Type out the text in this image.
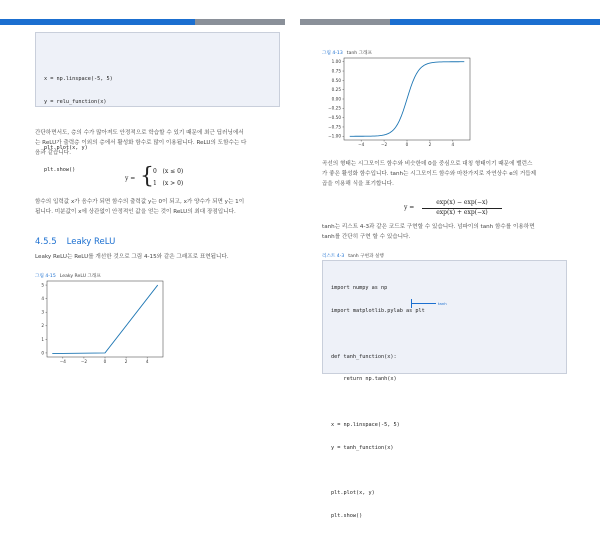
x = np.linspace(-5, 5)

y = relu_function(x)

plt.plot(x, y)

plt.show()

간단하면서도, 층의 수가 많아져도 안정적으로 학습할 수 있기 때문에 최근 딥러닝에서

는 ReLU가 출력층 이외의 층에서 활성화 함수로 많이 이용됩니다. ReLU의 도함수는 다

음과 같습니다.

y = { 0   (x ≤ 0)
1   (x > 0)

함수의 입력값 x가 음수가 되면 함수의 출력값 y는 0이 되고, x가 양수가 되면 y는 1이

됩니다. 미분값이 x에 상관없이 안정적인 값을 얻는 것이 ReLU의 최대 장점입니다.

4.5.5 Leaky ReLU

Leaky ReLU는 ReLU를 개선한 것으로 그림 4-15와 같은 그래프로 표현됩니다.

그림 4-15 Leaky ReLU 그래프
−4	−2	0	2	4
0
1
2
3
4
5
그림 4-13 tanh 그래프
−4	−2	0	2	4
1.00
0.75
0.50
0.25
0.00
−0.25
−0.50
−0.75
−1.00

곡선의 형태는 시그모이드 함수와 비슷한데 0을 중심으로 대칭 형태이기 때문에 밸런스

가 좋은 활성화 함수입니다. tanh는 시그모이드 함수와 마찬가지로 자연상수 e의 거듭제

곱을 이용해 식을 표기합니다.

y =
exp(x) − exp(−x)
exp(x) + exp(−x)

tanh는 리스트 4-3과 같은 코드로 구현할 수 있습니다. 넘파이의 tanh 함수를 이용하면

tanh를 간단히 구현 할 수 있습니다.

리스트 4-3 tanh 구현과 실행

import numpy as np

import matplotlib.pylab as plt

def tanh_function(x):

return np.tanh(x)

x = np.linspace(-5, 5)

y = tanh_function(x)

plt.plot(x, y)

plt.show()

tanh
